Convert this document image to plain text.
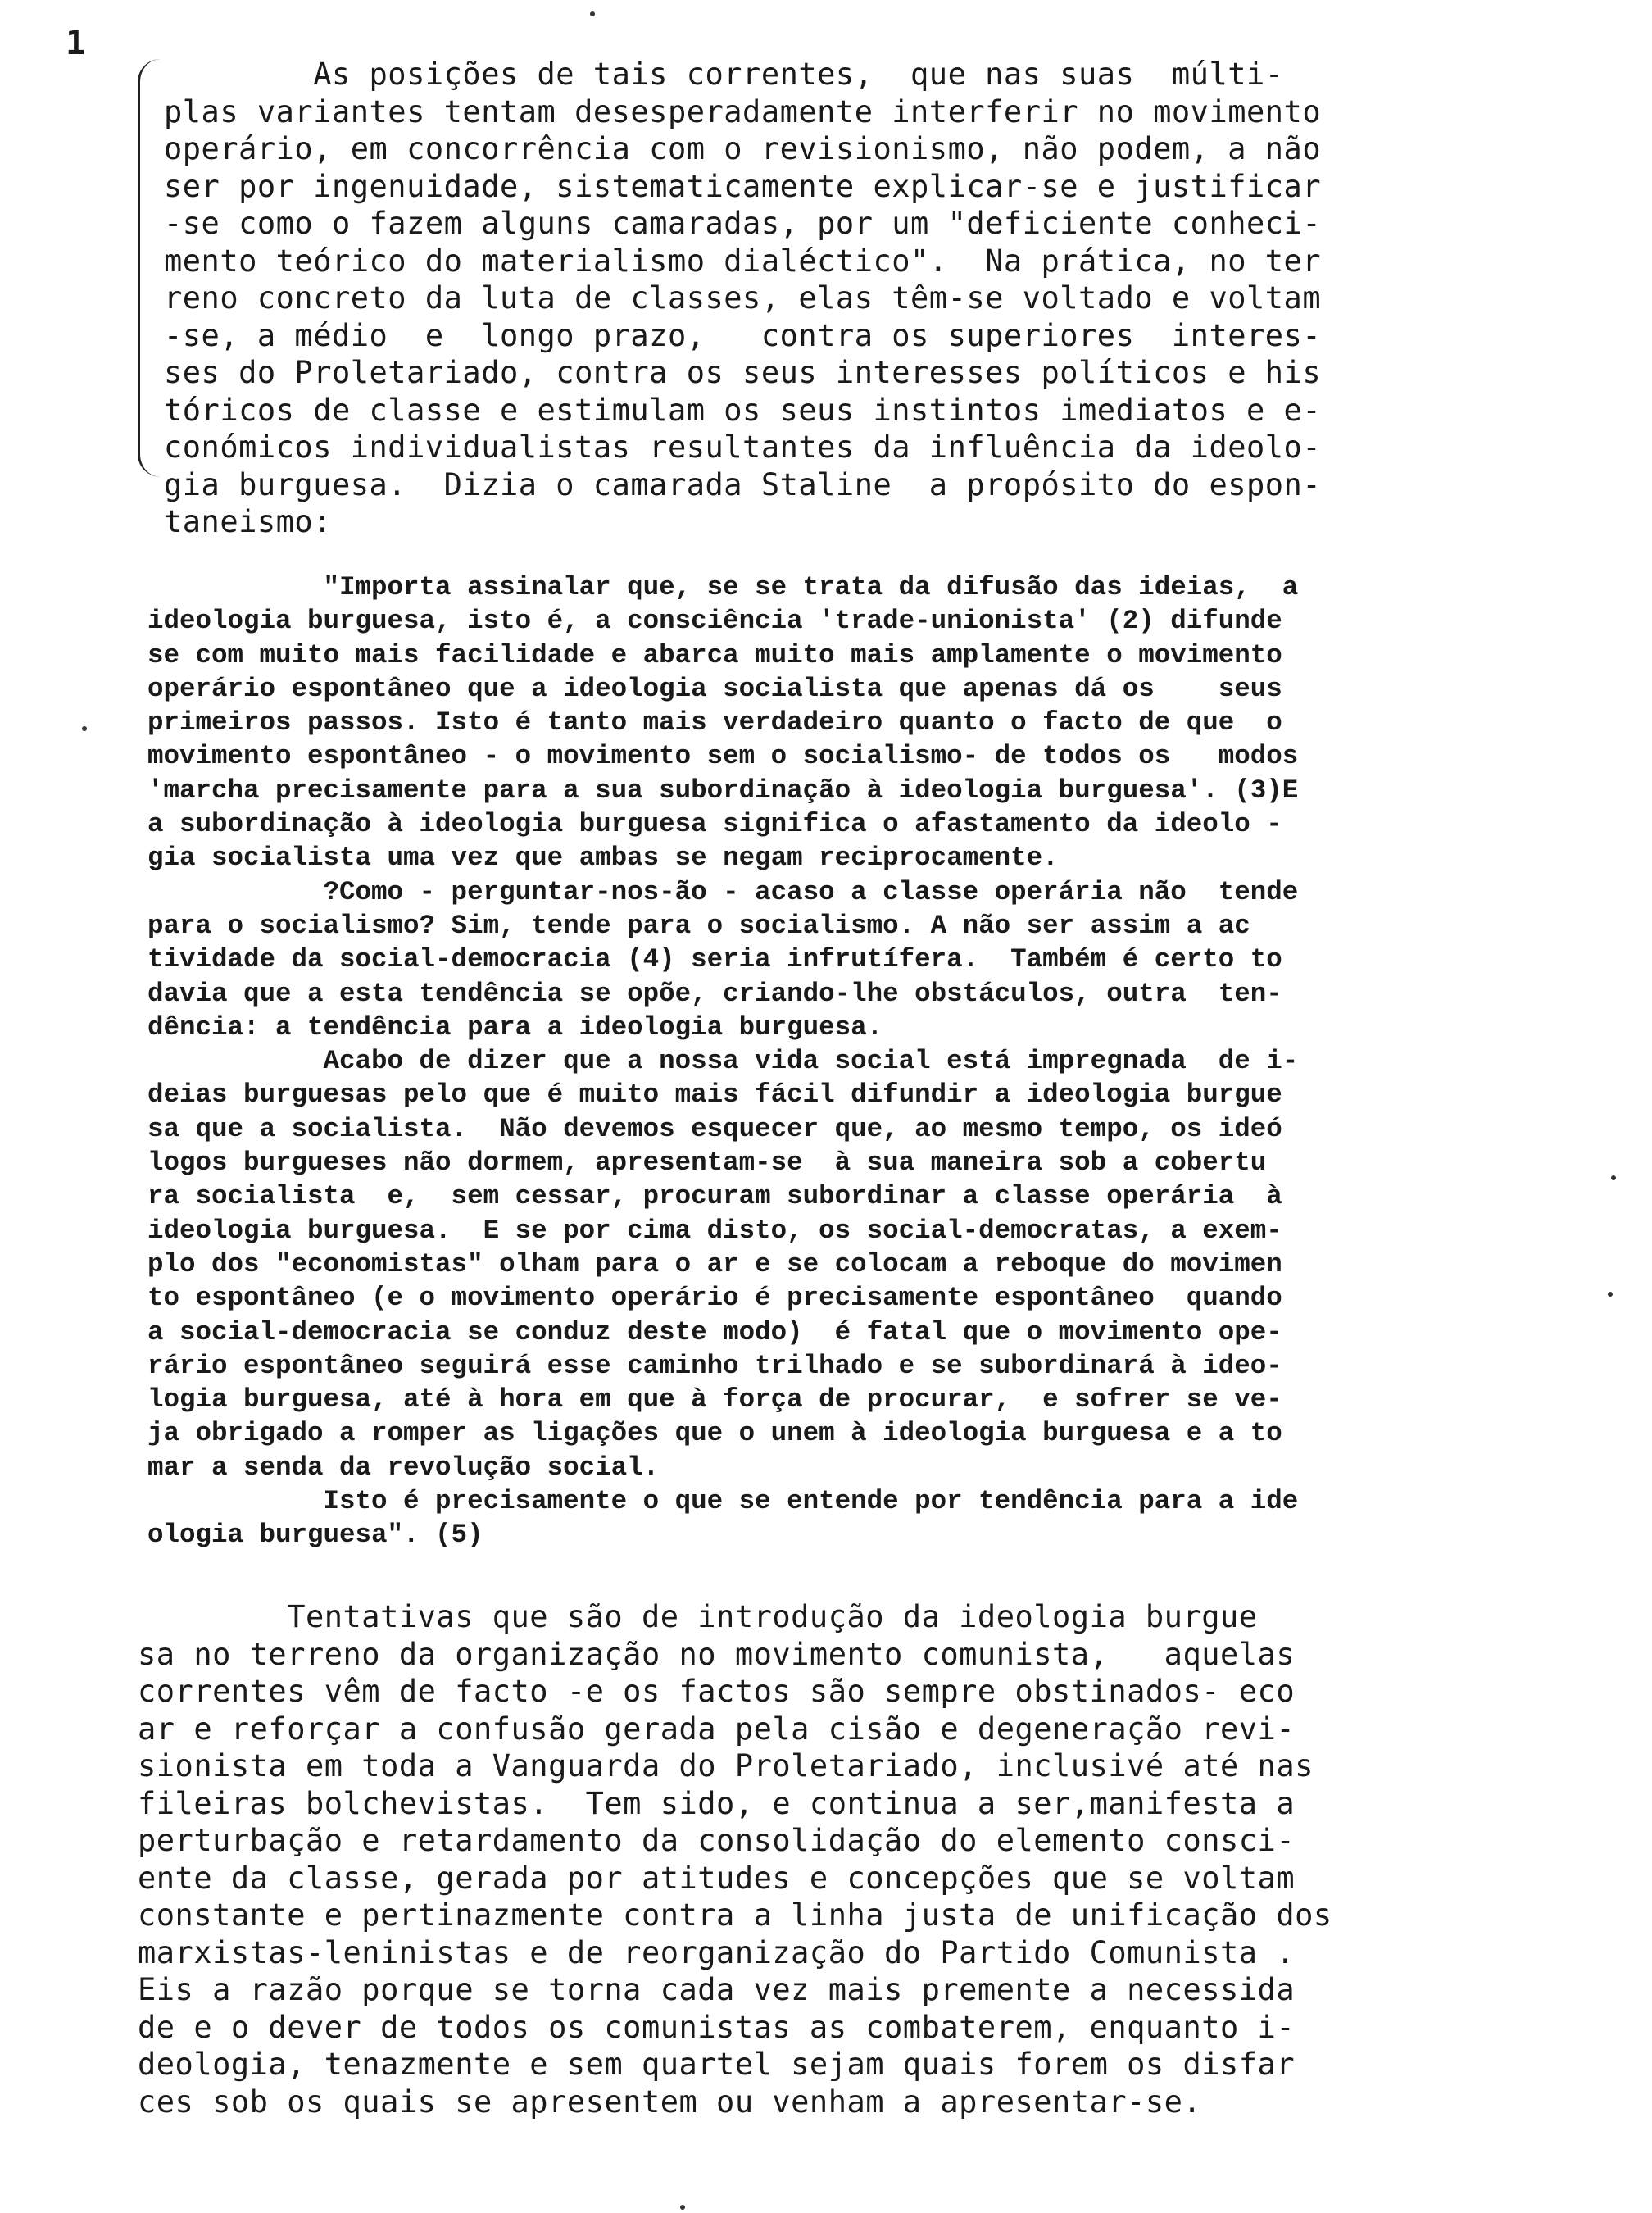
1
As posições de tais correntes,  que nas suas  múlti-
plas variantes tentam desesperadamente interferir no movimento
operário, em concorrência com o revisionismo, não podem, a não
ser por ingenuidade, sistematicamente explicar-se e justificar
-se como o fazem alguns camaradas, por um "deficiente conheci-
mento teórico do materialismo dialéctico".  Na prática, no ter
reno concreto da luta de classes, elas têm-se voltado e voltam
-se, a médio  e  longo prazo,   contra os superiores  interes-
ses do Proletariado, contra os seus interesses políticos e his
tóricos de classe e estimulam os seus instintos imediatos e e-
conómicos individualistas resultantes da influência da ideolo-
gia burguesa.  Dizia o camarada Staline  a propósito do espon-
taneismo:
"Importa assinalar que, se se trata da difusão das ideias,  a
ideologia burguesa, isto é, a consciência 'trade-unionista' (2) difunde
se com muito mais facilidade e abarca muito mais amplamente o movimento
operário espontâneo que a ideologia socialista que apenas dá os    seus
primeiros passos. Isto é tanto mais verdadeiro quanto o facto de que  o
movimento espontâneo - o movimento sem o socialismo- de todos os   modos
'marcha precisamente para a sua subordinação à ideologia burguesa'. (3)E
a subordinação à ideologia burguesa significa o afastamento da ideolo -
gia socialista uma vez que ambas se negam reciprocamente.
?Como - perguntar-nos-ão - acaso a classe operária não  tende
para o socialismo? Sim, tende para o socialismo. A não ser assim a ac
tividade da social-democracia (4) seria infrutífera.  Também é certo to
davia que a esta tendência se opõe, criando-lhe obstáculos, outra  ten-
dência: a tendência para a ideologia burguesa.
Acabo de dizer que a nossa vida social está impregnada  de i-
deias burguesas pelo que é muito mais fácil difundir a ideologia burgue
sa que a socialista.  Não devemos esquecer que, ao mesmo tempo, os ideó
logos burgueses não dormem, apresentam-se  à sua maneira sob a cobertu
ra socialista  e,  sem cessar, procuram subordinar a classe operária  à
ideologia burguesa.  E se por cima disto, os social-democratas, a exem-
plo dos "economistas" olham para o ar e se colocam a reboque do movimen
to espontâneo (e o movimento operário é precisamente espontâneo  quando
a social-democracia se conduz deste modo)  é fatal que o movimento ope-
rário espontâneo seguirá esse caminho trilhado e se subordinará à ideo-
logia burguesa, até à hora em que à força de procurar,  e sofrer se ve-
ja obrigado a romper as ligações que o unem à ideologia burguesa e a to
mar a senda da revolução social.
Isto é precisamente o que se entende por tendência para a ide
ologia burguesa". (5)
Tentativas que são de introdução da ideologia burgue
sa no terreno da organização no movimento comunista,   aquelas
correntes vêm de facto -e os factos são sempre obstinados- eco
ar e reforçar a confusão gerada pela cisão e degeneração revi-
sionista em toda a Vanguarda do Proletariado, inclusivé até nas
fileiras bolchevistas.  Tem sido, e continua a ser,manifesta a
perturbação e retardamento da consolidação do elemento consci-
ente da classe, gerada por atitudes e concepções que se voltam
constante e pertinazmente contra a linha justa de unificação dos
marxistas-leninistas e de reorganização do Partido Comunista .
Eis a razão porque se torna cada vez mais premente a necessida
de e o dever de todos os comunistas as combaterem, enquanto i-
deologia, tenazmente e sem quartel sejam quais forem os disfar
ces sob os quais se apresentem ou venham a apresentar-se.
